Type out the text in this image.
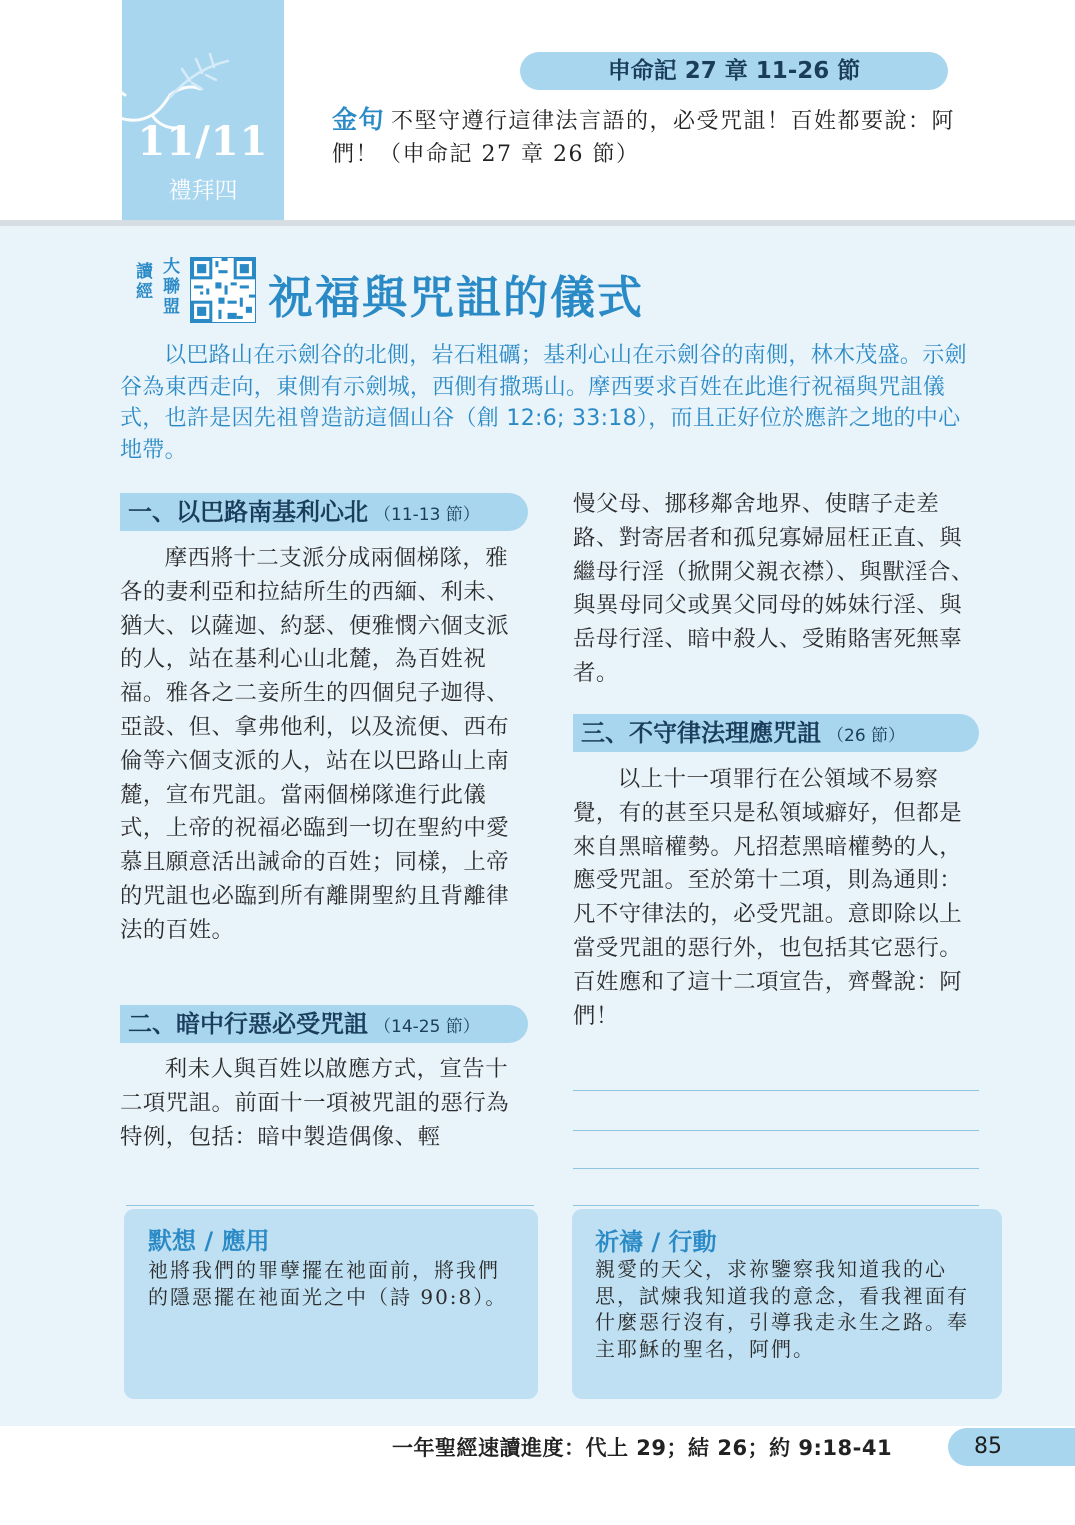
11/11
禮拜四
申命記 27 章 11-26 節
金句 不堅守遵行這律法言語的，必受咒詛！百姓都要說：阿們！（申命記 27 章 26 節）
讀經
大聯盟 祝福與咒詛的儀式
以巴路山在示劍谷的北側，岩石粗礪；基利心山在示劍谷的南側，林木茂盛。示劍谷為東西走向，東側有示劍城，西側有撒瑪山。摩西要求百姓在此進行祝福與咒詛儀式，也許是因先祖曾造訪這個山谷（創 12:6; 33:18），而且正好位於應許之地的中心地帶。
一、以巴路南基利心北 （11-13 節）
摩西將十二支派分成兩個梯隊，雅各的妻利亞和拉結所生的西緬、利未、猶大、以薩迦、約瑟、便雅憫六個支派的人，站在基利心山北麓，為百姓祝福。雅各之二妾所生的四個兒子迦得、亞設、但、拿弗他利，以及流便、西布倫等六個支派的人，站在以巴路山上南麓，宣布咒詛。當兩個梯隊進行此儀式，上帝的祝福必臨到一切在聖約中愛慕且願意活出誡命的百姓；同樣，上帝的咒詛也必臨到所有離開聖約且背離律法的百姓。
二、暗中行惡必受咒詛 （14-25 節）
利未人與百姓以啟應方式，宣告十二項咒詛。前面十一項被咒詛的惡行為特例，包括：暗中製造偶像、輕
慢父母、挪移鄰舍地界、使瞎子走差路、對寄居者和孤兒寡婦屈枉正直、與繼母行淫（掀開父親衣襟）、與獸淫合、與異母同父或異父同母的姊妹行淫、與岳母行淫、暗中殺人、受賄賂害死無辜者。
三、不守律法理應咒詛 （26 節）
以上十一項罪行在公領域不易察覺，有的甚至只是私領域癖好，但都是來自黑暗權勢。凡招惹黑暗權勢的人，應受咒詛。至於第十二項，則為通則：凡不守律法的，必受咒詛。意即除以上當受咒詛的惡行外，也包括其它惡行。百姓應和了這十二項宣告，齊聲說：阿們！
默想 / 應用
祂將我們的罪孽擺在祂面前，將我們的隱惡擺在祂面光之中（詩 90:8）。
祈禱 / 行動
親愛的天父，求祢鑒察我知道我的心思，試煉我知道我的意念，看我裡面有什麼惡行沒有，引導我走永生之路。奉主耶穌的聖名，阿們。
一年聖經速讀進度：代上 29；結 26；約 9:18-41	85
